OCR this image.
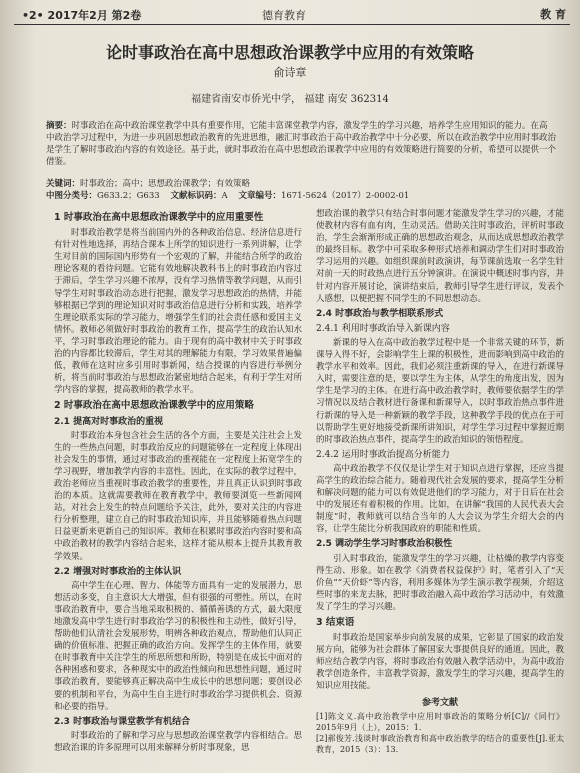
•2• 2017年2月 第2卷	德育教育	教 育
论时事政治在高中思想政治课教学中应用的有效策略
俞诗章
福建省南安市侨光中学， 福建 南安 362314
摘要：时事政治在高中政治课堂教学中具有重要作用，它能丰富课堂教学内容，激发学生的学习兴趣，培养学生应用知识的能力。在高中政治学习过程中，为进一步巩固思想政治教育的先进思维，融汇时事政治于高中政治教学中十分必要，所以在政治教学中应用时事政治是学生了解时事政治内容的有效途径。基于此，就时事政治在高中思想政治课教学中应用的有效策略进行简要的分析，希望可以提供一个借鉴。
关键词：时事政治；高中；思想政治课教学；有效策略
中图分类号：G633.2；G633 文献标识码：A 文章编号：1671-5624（2017）2-0002-01
1 时事政治在高中思想政治课教学中的应用重要性

时事政治教学是将当前国内外的各种政治信息、经济信息进行有针对性地选择，再结合课本上所学的知识进行一系列讲解，让学生对目前的国际国内形势有一个宏观的了解，并能结合所学的政治理论客观的看待问题。它能有效地解决教科书上的时事政治内容过于滞后，学生学习兴趣不浓厚，没有学习热情等教学问题，从而引导学生对时事政治动态进行把握，激发学习思想政治的热情，并能够根据已学到的理论知识对时事政治信息进行分析和实践，培养学生理论联系实际的学习能力，增强学生们的社会责任感和爱国主义情怀。教师必须做好时事政治的教育工作，提高学生的政治认知水平，学习时事政治理论的能力。由于现有的高中教材中关于时事政治的内容都比较滞后，学生对其的理解能力有限，学习效果普遍偏低，教师在这时应多引用时事新闻，结合授课的内容进行举例分析，将当前时事政治与思想政治紧密地结合起来，有利于学生对所学内容的掌握，提高教师的教学水平。

2 时事政治在高中思想政治课教学中的应用策略
2.1 提高对时事政治的重视

时事政治本身包含社会生活的各个方面，主要是关注社会上发生的一些热点问题，时事政治反应的问题能够在一定程度上体现出社会发生的事情，通过对事政治的重视能在一定程度上拓宽学生的学习视野，增加教学内容的丰富性。因此，在实际的教学过程中，政治老师应当重视时事政治教学的重要性，并且真正认识到时事政治的本质。这就需要教师在教育教学中，教师要浏览一些新闻网站，对社会上发生的特点问题给予关注，此外，要对关注的内容进行分析整理，建立自己的时事政治知识库，并且能够随着热点问题日益更新来更新自己的知识库。教师在积累时事政治内容时要和高中政治教材的教学内容结合起来，这样才能从根本上提升其教育教学效果。

2.2 增强对时事政治的主体认识

高中学生在心理、智力、体能等方面具有一定的发展潜力，思想活动多变，自主意识大大增强，但有很强的可塑性。所以，在时事政治教育中，要合当地采取积极的、循循善诱的方式，最大限度地激发高中学生进行时事政治学习的积极性和主动性，做好引导，帮助他们认清社会发展形势，明辨各种政治观点，帮助他们认同正确的价值标准、把握正确的政治方向。发挥学生的主体作用，就要在时事教育中关注学生的所思所想和所盼，特别是在成长中面对的各种困惑和要求，各种现实中的政治性倾向和思想性问题，通过时事政治教育，要能够真正解决高中生成长中的思想问题；要创设必要的机制和平台，为高中生自主进行时事政治学习提供机会、资源和必要的指导。

2.3 时事政治与课堂教学有机结合

时事政治的了解和学习应与思想政治课堂教学内容相结合。思想政治课的许多原理可以用来解释分析时事现象，思

想政治课的教学只有结合时事问题才能激发学生学习的兴趣，才能使教材内容有血有肉，生动灵活。借助关注时事政治，评析时事政治，学生会渐渐形成正确的思想政治观念，从而达成思想政治教学的最终目标。教学中可采取多种形式培养和调动学生们对时事政治学习运用的兴趣。如组织课前时政演讲，每节课前选取一名学生针对前一天的时政热点进行五分钟演讲。在演说中概述时事内容，并针对内容开展讨论，演讲结束后，教师引导学生进行评议，发表个人感想，以便把握不同学生的不同思想动态。

2.4 时事政治与教学相联系形式
2.4.1 利用时事政治导入新课内容

新课的导入在高中政治教学过程中是一个非常关键的环节，新课导入得不好，会影响学生上课的积极性，进而影响到高中政治的教学水平和效率。因此，我们必须注重新课的导入，在进行新课导入时，需要注意的是，要以学生为主体，从学生的角度出发，因为学生是学习的主体。在进行高中政治教学时，教师要依据学生的学习情况以及结合教材进行备课和新课导入，以时事政治热点事件进行新课的导入是一种新颖的教学手段，这种教学手段的优点在于可以帮助学生更好地接受新课所讲知识，对学生学习过程中掌握近期的时事政治热点事件，提高学生的政治知识的领悟程度。

2.4.2 运用时事政治提高分析能力

高中政治教学不仅仅是让学生对于知识点进行掌握，还应当提高学生的政治综合能力。随着现代社会发展的要求，提高学生分析和解决问题的能力可以有效促进他们的学习能力，对于日后在社会中的发展还有着积极的作用。比如，在讲解“我国的人民代表大会制度”时，教师就可以结合当年的人大会议为学生介绍大会的内容，让学生能比分析我国政府的职能和性质。

2.5 调动学生学习时事政治积极性

引入时事政治，能激发学生的学习兴趣，让枯燥的教学内容变得生动、形象。如在教学《消费者权益保护》时，笔者引入了“天价鱼”“天价虾”等内容，利用多媒体为学生演示教学视频，介绍这些时事的来龙去脉，把时事政治融入高中政治学习活动中，有效激发了学生的学习兴趣。

3 结束语

时事政治是国家举步向前发展的成果，它彰显了国家的政治发展方向，能够为社会群体了解国家大事提供良好的通道。因此，教师应结合教学内容，将时事政治有效融入教学活动中，为高中政治教学创造条件，丰富教学资源，激发学生的学习兴趣，提高学生的知识应用技能。

参考文献

[1]陈文义.高中政治教学中应用时事政治的策略分析[C]//《同行》2015年9月（上），2015：1.

[2]郝俊芳.浅谈时事政治教育和高中政治教学的结合的重要性[J].亚太教育，2015（3）：13.
